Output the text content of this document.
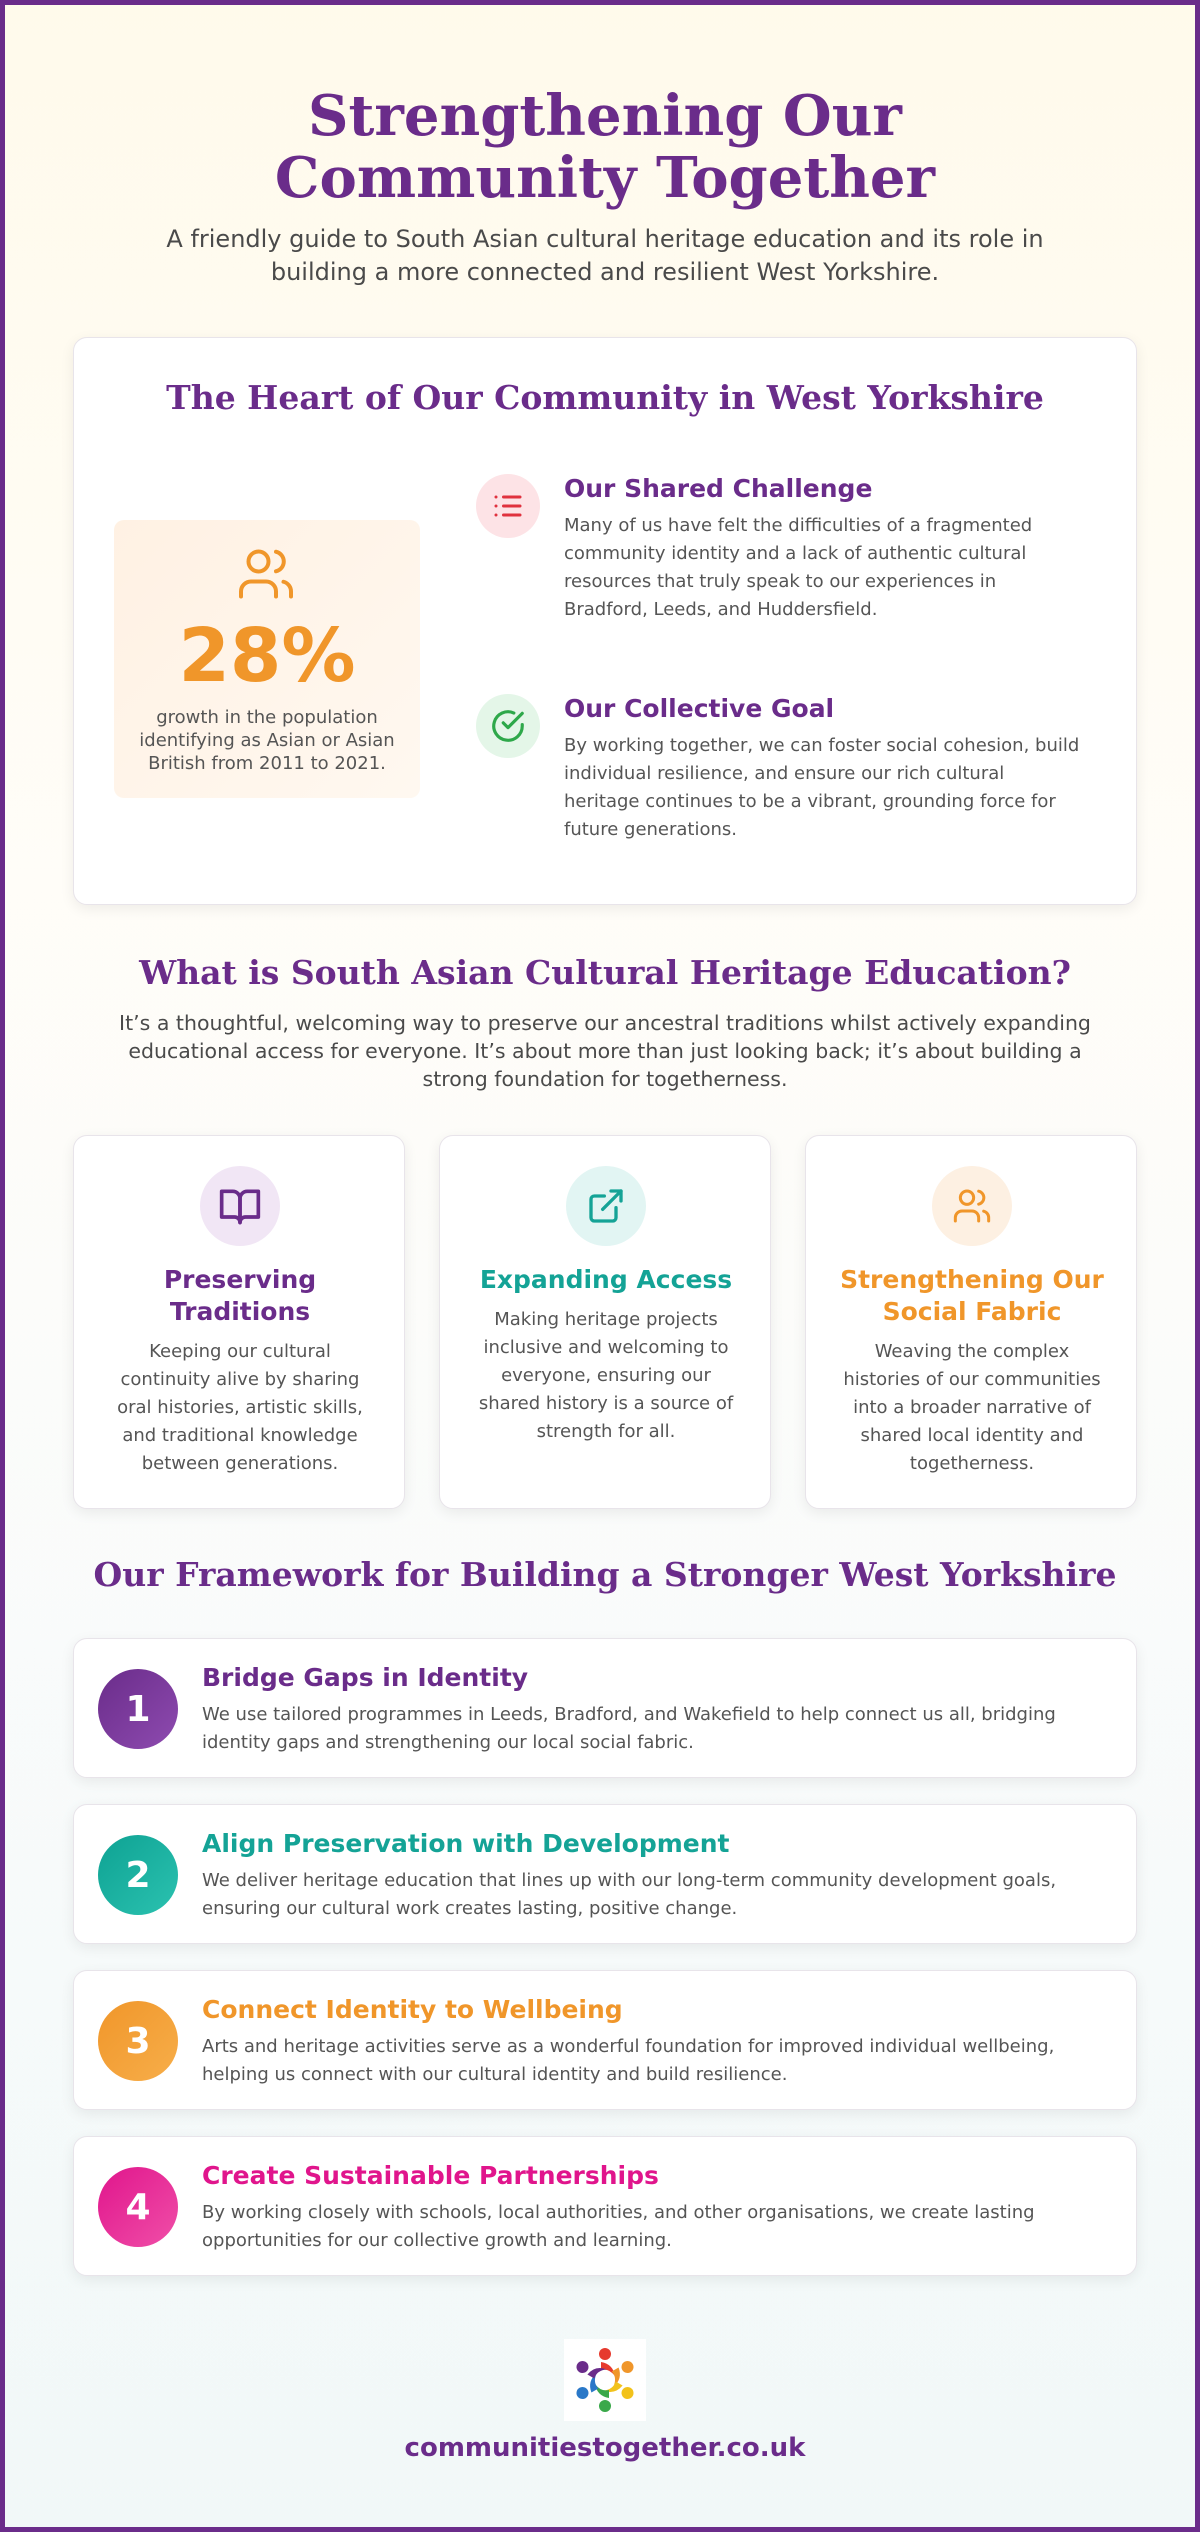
Strengthening Our Community Together

A friendly guide to South Asian cultural heritage education and its role in building a more connected and resilient West Yorkshire.

The Heart of Our Community in West Yorkshire
28%
growth in the population identifying as Asian or Asian British from 2011 to 2021.
Our Shared Challenge

Many of us have felt the difficulties of a fragmented community identity and a lack of authentic cultural resources that truly speak to our experiences in Bradford, Leeds, and Huddersfield.

Our Collective Goal

By working together, we can foster social cohesion, build individual resilience, and ensure our rich cultural heritage continues to be a vibrant, grounding force for future generations.

What is South Asian Cultural Heritage Education?

It’s a thoughtful, welcoming way to preserve our ancestral traditions whilst actively expanding educational access for everyone. It’s about more than just looking back; it’s about building a strong foundation for togetherness.

Preserving Traditions

Keeping our cultural continuity alive by sharing oral histories, artistic skills, and traditional knowledge between generations.

Expanding Access

Making heritage projects inclusive and welcoming to everyone, ensuring our shared history is a source of strength for all.

Strengthening Our Social Fabric

Weaving the complex histories of our communities into a broader narrative of shared local identity and togetherness.

Our Framework for Building a Stronger West Yorkshire
1
Bridge Gaps in Identity

We use tailored programmes in Leeds, Bradford, and Wakefield to help connect us all, bridging identity gaps and strengthening our local social fabric.

2
Align Preservation with Development

We deliver heritage education that lines up with our long-term community development goals, ensuring our cultural work creates lasting, positive change.

3
Connect Identity to Wellbeing

Arts and heritage activities serve as a wonderful foundation for improved individual wellbeing, helping us connect with our cultural identity and build resilience.

4
Create Sustainable Partnerships

By working closely with schools, local authorities, and other organisations, we create lasting opportunities for our collective growth and learning.

communitiestogether.co.uk
